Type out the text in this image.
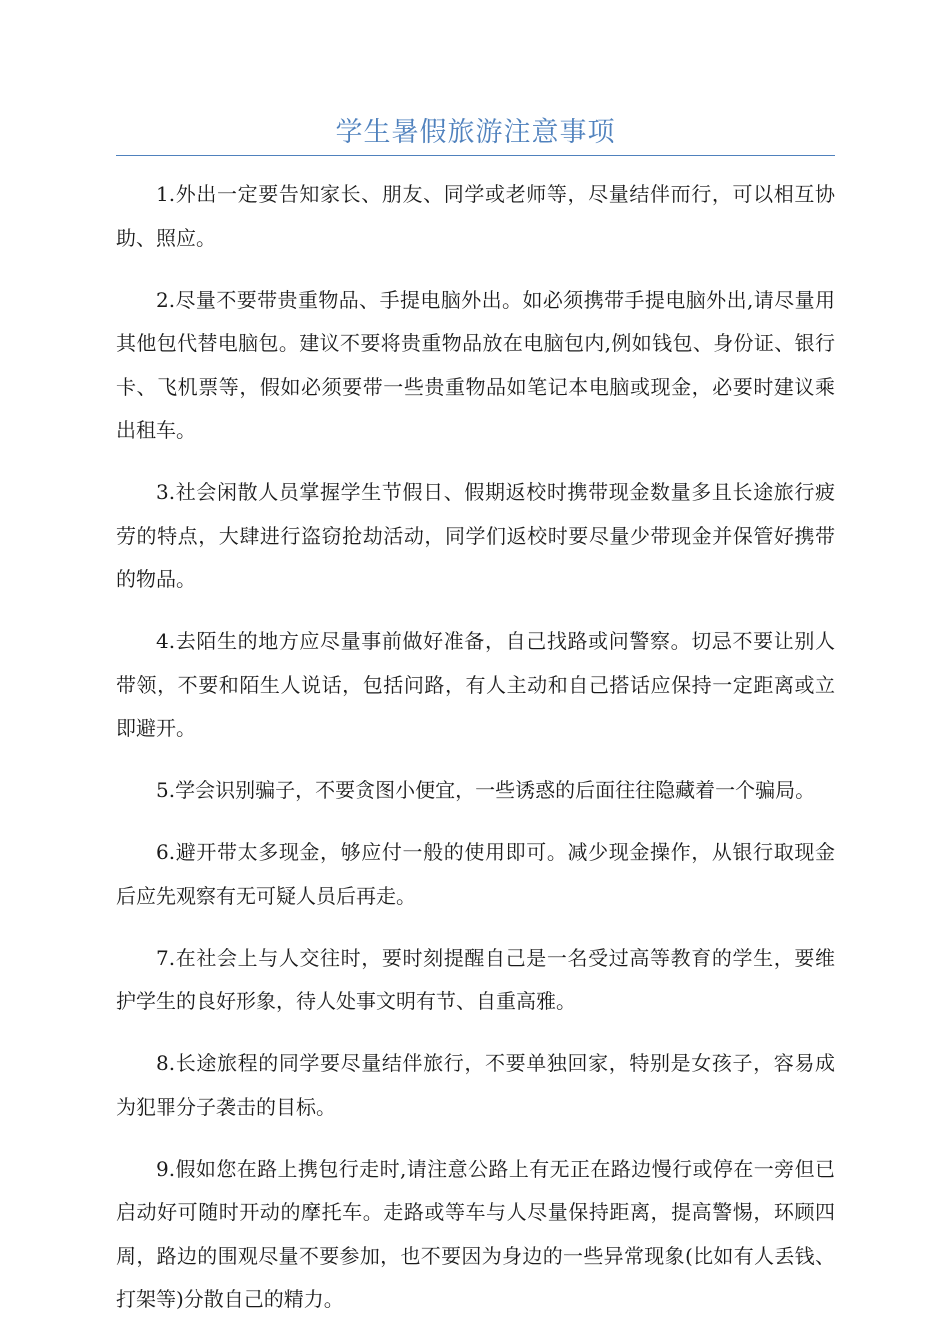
学生暑假旅游注意事项

1.外出一定要告知家长、朋友、同学或老师等，尽量结伴而行，可以相互协助、照应。

2.尽量不要带贵重物品、手提电脑外出。如必须携带手提电脑外出,请尽量用其他包代替电脑包。建议不要将贵重物品放在电脑包内,例如钱包、身份证、银行卡、飞机票等，假如必须要带一些贵重物品如笔记本电脑或现金，必要时建议乘出租车。

3.社会闲散人员掌握学生节假日、假期返校时携带现金数量多且长途旅行疲劳的特点，大肆进行盗窃抢劫活动，同学们返校时要尽量少带现金并保管好携带的物品。

4.去陌生的地方应尽量事前做好准备，自己找路或问警察。切忌不要让别人带领，不要和陌生人说话，包括问路，有人主动和自己搭话应保持一定距离或立即避开。

5.学会识别骗子，不要贪图小便宜，一些诱惑的后面往往隐藏着一个骗局。

6.避开带太多现金，够应付一般的使用即可。减少现金操作，从银行取现金后应先观察有无可疑人员后再走。

7.在社会上与人交往时，要时刻提醒自己是一名受过高等教育的学生，要维护学生的良好形象，待人处事文明有节、自重高雅。

8.长途旅程的同学要尽量结伴旅行，不要单独回家，特别是女孩子，容易成为犯罪分子袭击的目标。

9.假如您在路上携包行走时,请注意公路上有无正在路边慢行或停在一旁但已启动好可随时开动的摩托车。走路或等车与人尽量保持距离，提高警惕，环顾四周，路边的围观尽量不要参加，也不要因为身边的一些异常现象(比如有人丢钱、打架等)分散自己的精力。
